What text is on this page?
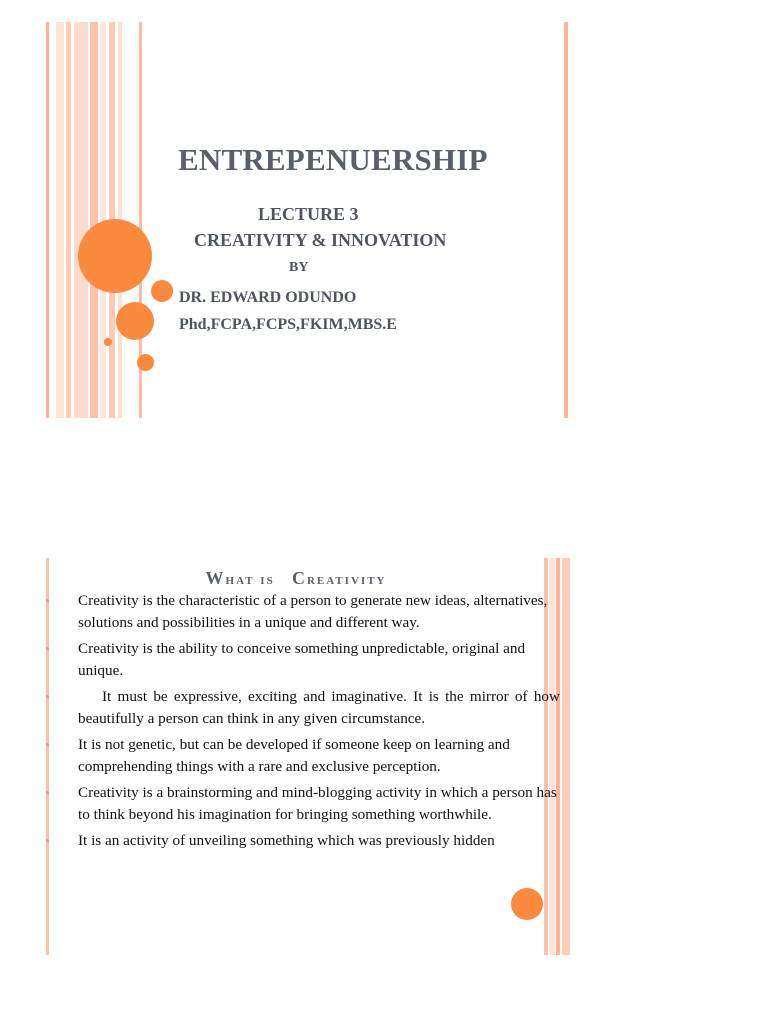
ENTREPENUERSHIP

LECTURE 3

CREATIVITY & INNOVATION

BY

DR. EDWARD ODUNDO

Phd,FCPA,FCPS,FKIM,MBS.E

What is Creativity
Creativity is the characteristic of a person to generate new ideas, alternatives, solutions and possibilities in a unique and different way.
Creativity is the ability to conceive something unpredictable, original and unique.
It must be expressive, exciting and imaginative. It is the mirror of how beautifully a person can think in any given circumstance.
It is not genetic, but can be developed if someone keep on learning and comprehending things with a rare and exclusive perception.
Creativity is a brainstorming and mind-blogging activity in which a person has to think beyond his imagination for bringing something worthwhile.
It is an activity of unveiling something which was previously hidden
